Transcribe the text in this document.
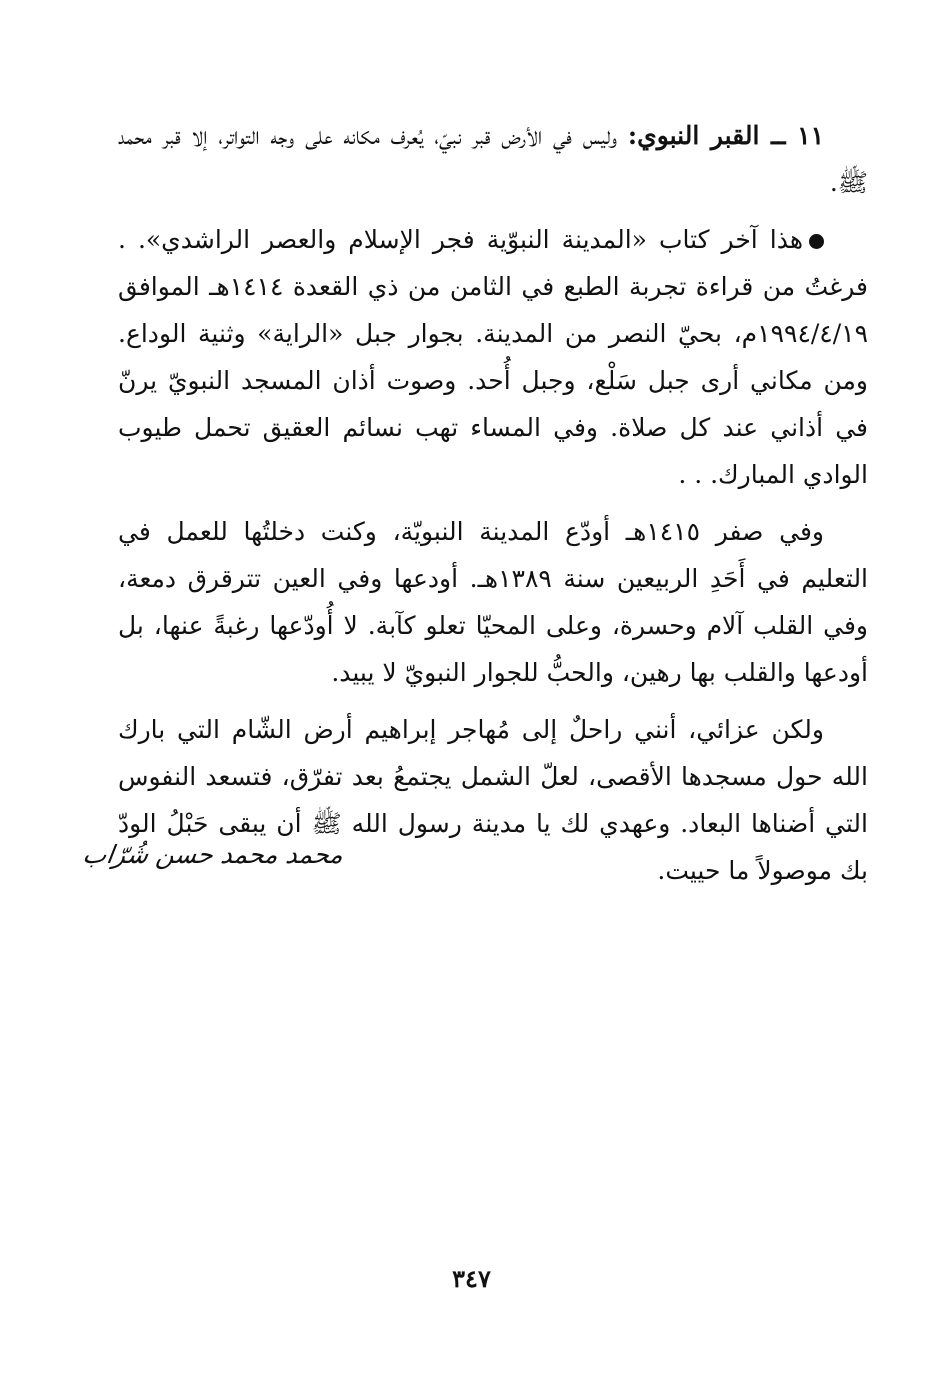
١١ ــ القبر النبوي: وليس في الأرض قبر نبيّ، يُعرف مكانه على وجه التواتر، إلا قبر محمد ﷺ.

هذا آخر كتاب «المدينة النبوّية فجر الإسلام والعصر الراشدي». . فرغتُ من قراءة تجربة الطبع في الثامن من ذي القعدة ١٤١٤هـ الموافق ١٩٩٤/٤/١٩م، بحيّ النصر من المدينة. بجوار جبل «الراية» وثنية الوداع. ومن مكاني أرى جبل سَلْع، وجبل أُحد. وصوت أذان المسجد النبويّ يرنّ في أذاني عند كل صلاة. وفي المساء تهب نسائم العقيق تحمل طيوب الوادي المبارك. . .

وفي صفر ١٤١٥هـ أودّع المدينة النبويّة، وكنت دخلتُها للعمل في التعليم في أَحَدِ الربيعين سنة ١٣٨٩هـ. أودعها وفي العين تترقرق دمعة، وفي القلب آلام وحسرة، وعلى المحيّا تعلو كآبة. لا أُودّعها رغبةً عنها، بل أودعها والقلب بها رهين، والحبُّ للجوار النبويّ لا يبيد.

ولكن عزائي، أنني راحلٌ إلى مُهاجر إبراهيم أرض الشّام التي بارك الله حول مسجدها الأقصى، لعلّ الشمل يجتمعُ بعد تفرّق، فتسعد النفوس التي أضناها البعاد. وعهدي لك يا مدينة رسول الله ﷺ أن يبقى حَبْلُ الودّ بك موصولاً ما حييت.

محمد محمد حسن شُرّاب
٣٤٧
